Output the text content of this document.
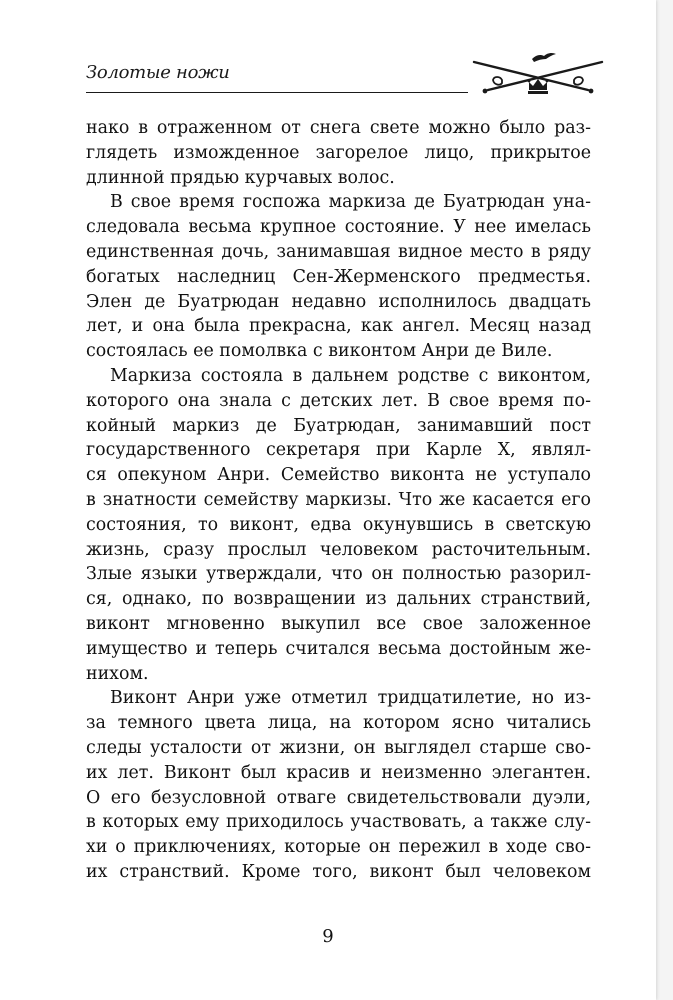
Золотые ножи

нако в отраженном от снега свете можно было раз-
глядеть изможденное загорелое лицо, прикрытое
длинной прядью курчавых волос.

В свое время госпожа маркиза де Буатрюдан уна-
следовала весьма крупное состояние. У нее имелась
единственная дочь, занимавшая видное место в ряду
богатых наследниц Сен-Жерменского предместья.
Элен де Буатрюдан недавно исполнилось двадцать
лет, и она была прекрасна, как ангел. Месяц назад
состоялась ее помолвка с виконтом Анри де Виле.

Маркиза состояла в дальнем родстве с виконтом,
которого она знала с детских лет. В свое время по-
койный маркиз де Буатрюдан, занимавший пост
государственного секретаря при Карле X, являл-
ся опекуном Анри. Семейство виконта не уступало
в знатности семейству маркизы. Что же касается его
состояния, то виконт, едва окунувшись в светскую
жизнь, сразу прослыл человеком расточительным.
Злые языки утверждали, что он полностью разорил-
ся, однако, по возвращении из дальних странствий,
виконт мгновенно выкупил все свое заложенное
имущество и теперь считался весьма достойным же-
нихом.

Виконт Анри уже отметил тридцатилетие, но из-
за темного цвета лица, на котором ясно читались
следы усталости от жизни, он выглядел старше сво-
их лет. Виконт был красив и неизменно элегантен.
О его безусловной отваге свидетельствовали дуэли,
в которых ему приходилось участвовать, а также слу-
хи о приключениях, которые он пережил в ходе сво-
их странствий. Кроме того, виконт был человеком

9
